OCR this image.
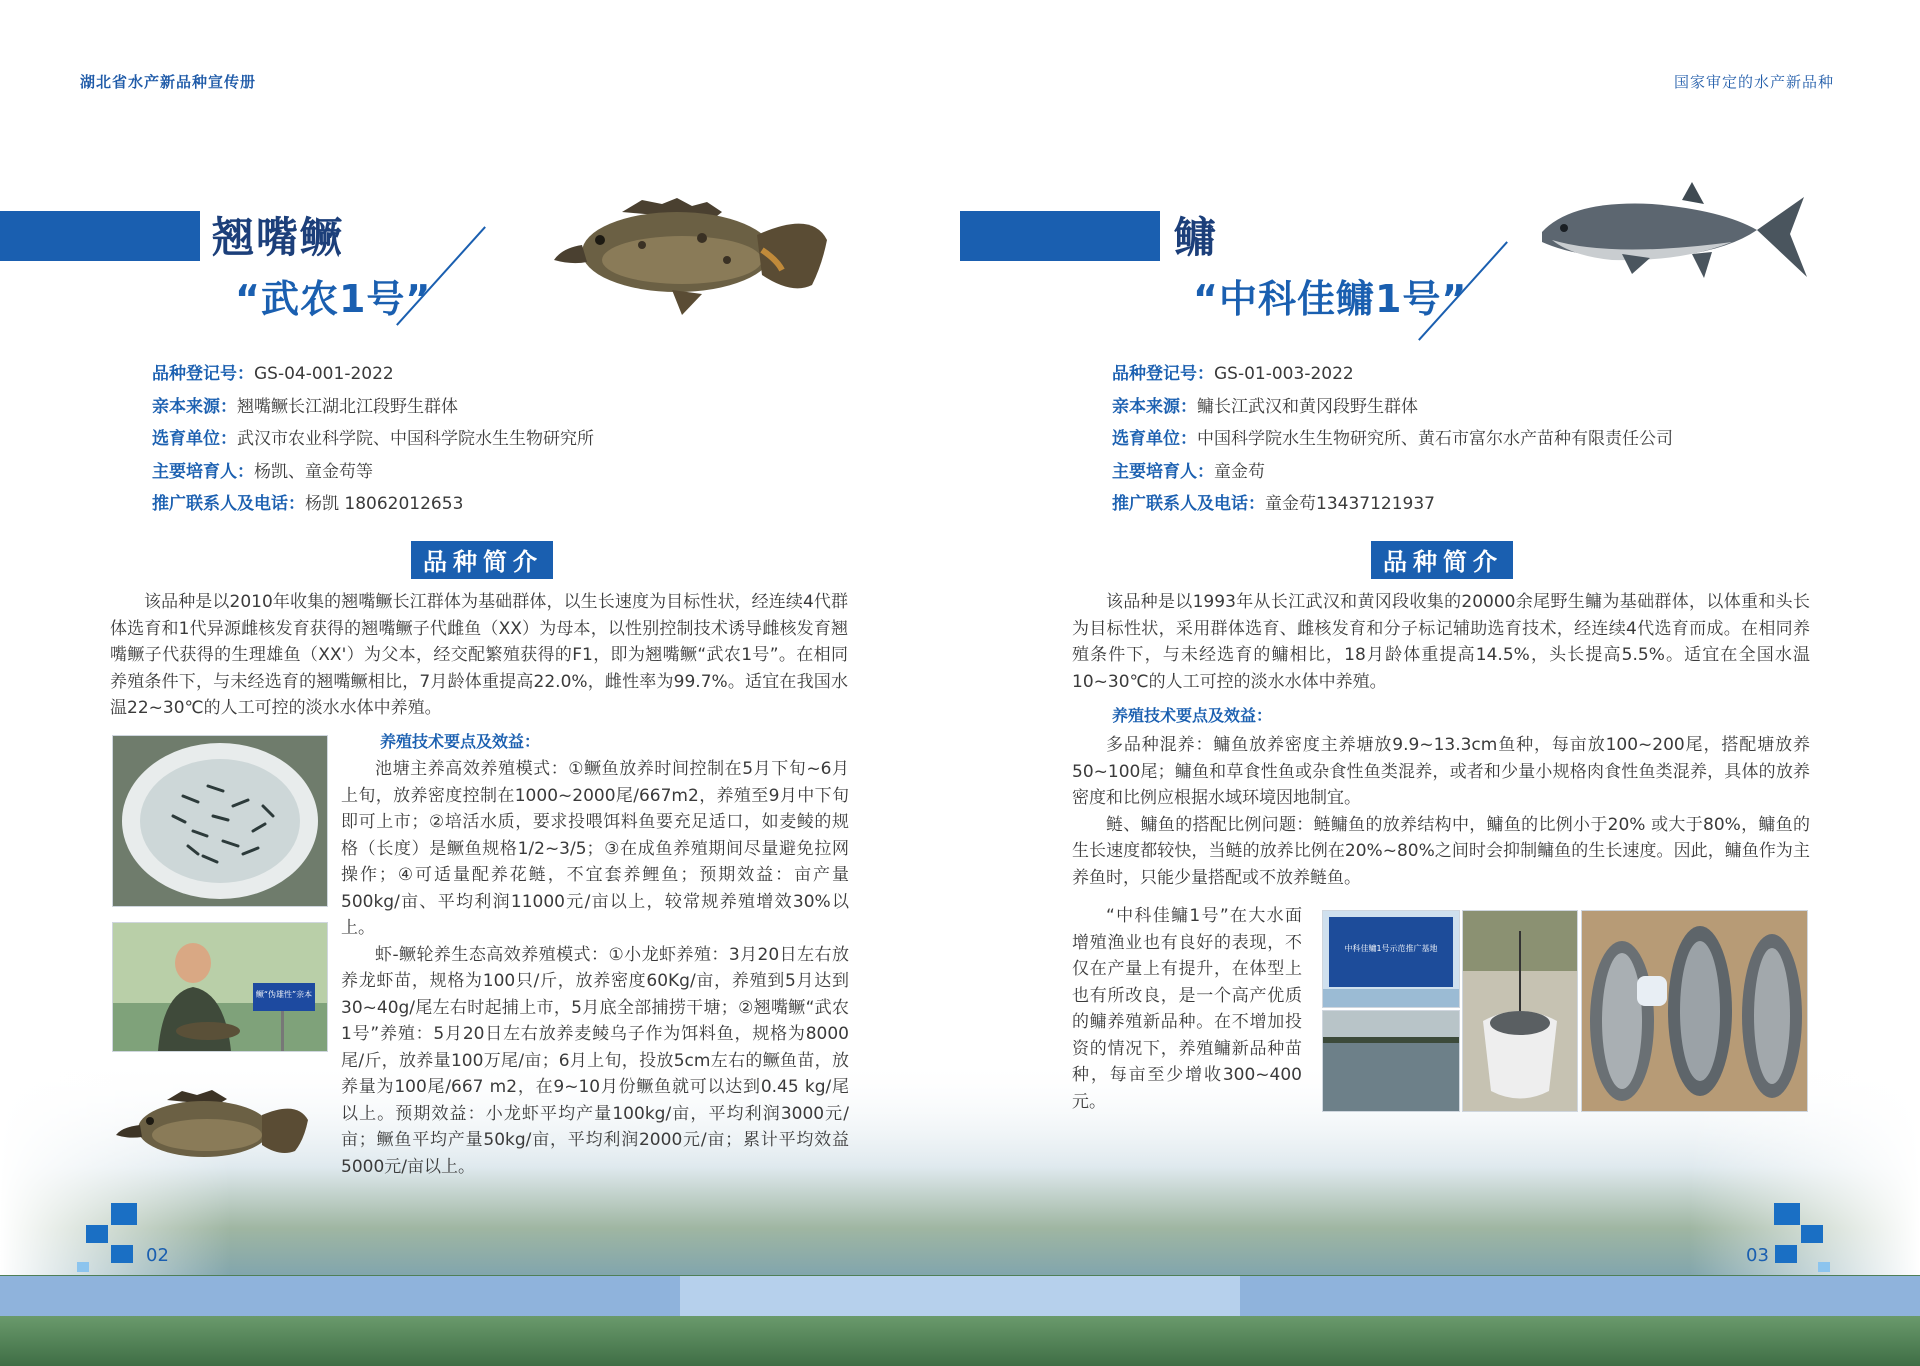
湖北省水产新品种宣传册	国家审定的水产新品种
翘嘴鳜
“武农1号”
品种登记号：GS-04-001-2022
亲本来源：翘嘴鳜长江湖北江段野生群体
选育单位：武汉市农业科学院、中国科学院水生生物研究所
主要培育人：杨凯、童金苟等
推广联系人及电话：杨凯 18062012653
品种简介

该品种是以2010年收集的翘嘴鳜长江群体为基础群体，以生长速度为目标性状，经连续4代群体选育和1代异源雌核发育获得的翘嘴鳜子代雌鱼（XX）为母本，以性别控制技术诱导雌核发育翘嘴鳜子代获得的生理雄鱼（XX'）为父本，经交配繁殖获得的F1，即为翘嘴鳜“武农1号”。在相同养殖条件下，与未经选育的翘嘴鳜相比，7月龄体重提高22.0%，雌性率为99.7%。适宜在我国水温22~30℃的人工可控的淡水水体中养殖。

鳜“伪雄性”亲本
养殖技术要点及效益：

池塘主养高效养殖模式：①鳜鱼放养时间控制在5月下旬~6月上旬，放养密度控制在1000~2000尾/667m2，养殖至9月中下旬即可上市；②培活水质，要求投喂饵料鱼要充足适口，如麦鲮的规格（长度）是鳜鱼规格1/2~3/5；③在成鱼养殖期间尽量避免拉网操作；④可适量配养花鲢，不宜套养鲤鱼；预期效益：亩产量500kg/亩、平均利润11000元/亩以上，较常规养殖增效30%以上。

虾-鳜轮养生态高效养殖模式：①小龙虾养殖：3月20日左右放养龙虾苗，规格为100只/斤，放养密度60Kg/亩，养殖到5月达到30~40g/尾左右时起捕上市，5月底全部捕捞干塘；②翘嘴鳜“武农1号”养殖：5月20日左右放养麦鲮乌子作为饵料鱼，规格为8000尾/斤，放养量100万尾/亩；6月上旬，投放5cm左右的鳜鱼苗，放养量为100尾/667 m2，在9~10月份鳜鱼就可以达到0.45 kg/尾以上。预期效益：小龙虾平均产量100kg/亩，平均利润3000元/亩；鳜鱼平均产量50kg/亩，平均利润2000元/亩；累计平均效益5000元/亩以上。

02
鳙
“中科佳鳙1号”
品种登记号：GS-01-003-2022
亲本来源：鳙长江武汉和黄冈段野生群体
选育单位：中国科学院水生生物研究所、黄石市富尔水产苗种有限责任公司
主要培育人：童金苟
推广联系人及电话：童金苟13437121937
品种简介

该品种是以1993年从长江武汉和黄冈段收集的20000余尾野生鳙为基础群体，以体重和头长为目标性状，采用群体选育、雌核发育和分子标记辅助选育技术，经连续4代选育而成。在相同养殖条件下，与未经选育的鳙相比，18月龄体重提高14.5%，头长提高5.5%。适宜在全国水温10~30℃的人工可控的淡水水体中养殖。

养殖技术要点及效益：

多品种混养：鳙鱼放养密度主养塘放9.9~13.3cm鱼种，每亩放100~200尾，搭配塘放养50~100尾；鳙鱼和草食性鱼或杂食性鱼类混养，或者和少量小规格肉食性鱼类混养，具体的放养密度和比例应根据水域环境因地制宜。

鲢、鳙鱼的搭配比例问题：鲢鳙鱼的放养结构中，鳙鱼的比例小于20% 或大于80%，鳙鱼的生长速度都较快，当鲢的放养比例在20%~80%之间时会抑制鳙鱼的生长速度。因此，鳙鱼作为主养鱼时，只能少量搭配或不放养鲢鱼。

“中科佳鳙1号”在大水面增殖渔业也有良好的表现，不仅在产量上有提升，在体型上也有所改良，是一个高产优质的鳙养殖新品种。在不增加投资的情况下，养殖鳙新品种苗种，每亩至少增收300~400元。

中科佳鳙1号示范推广基地
03
